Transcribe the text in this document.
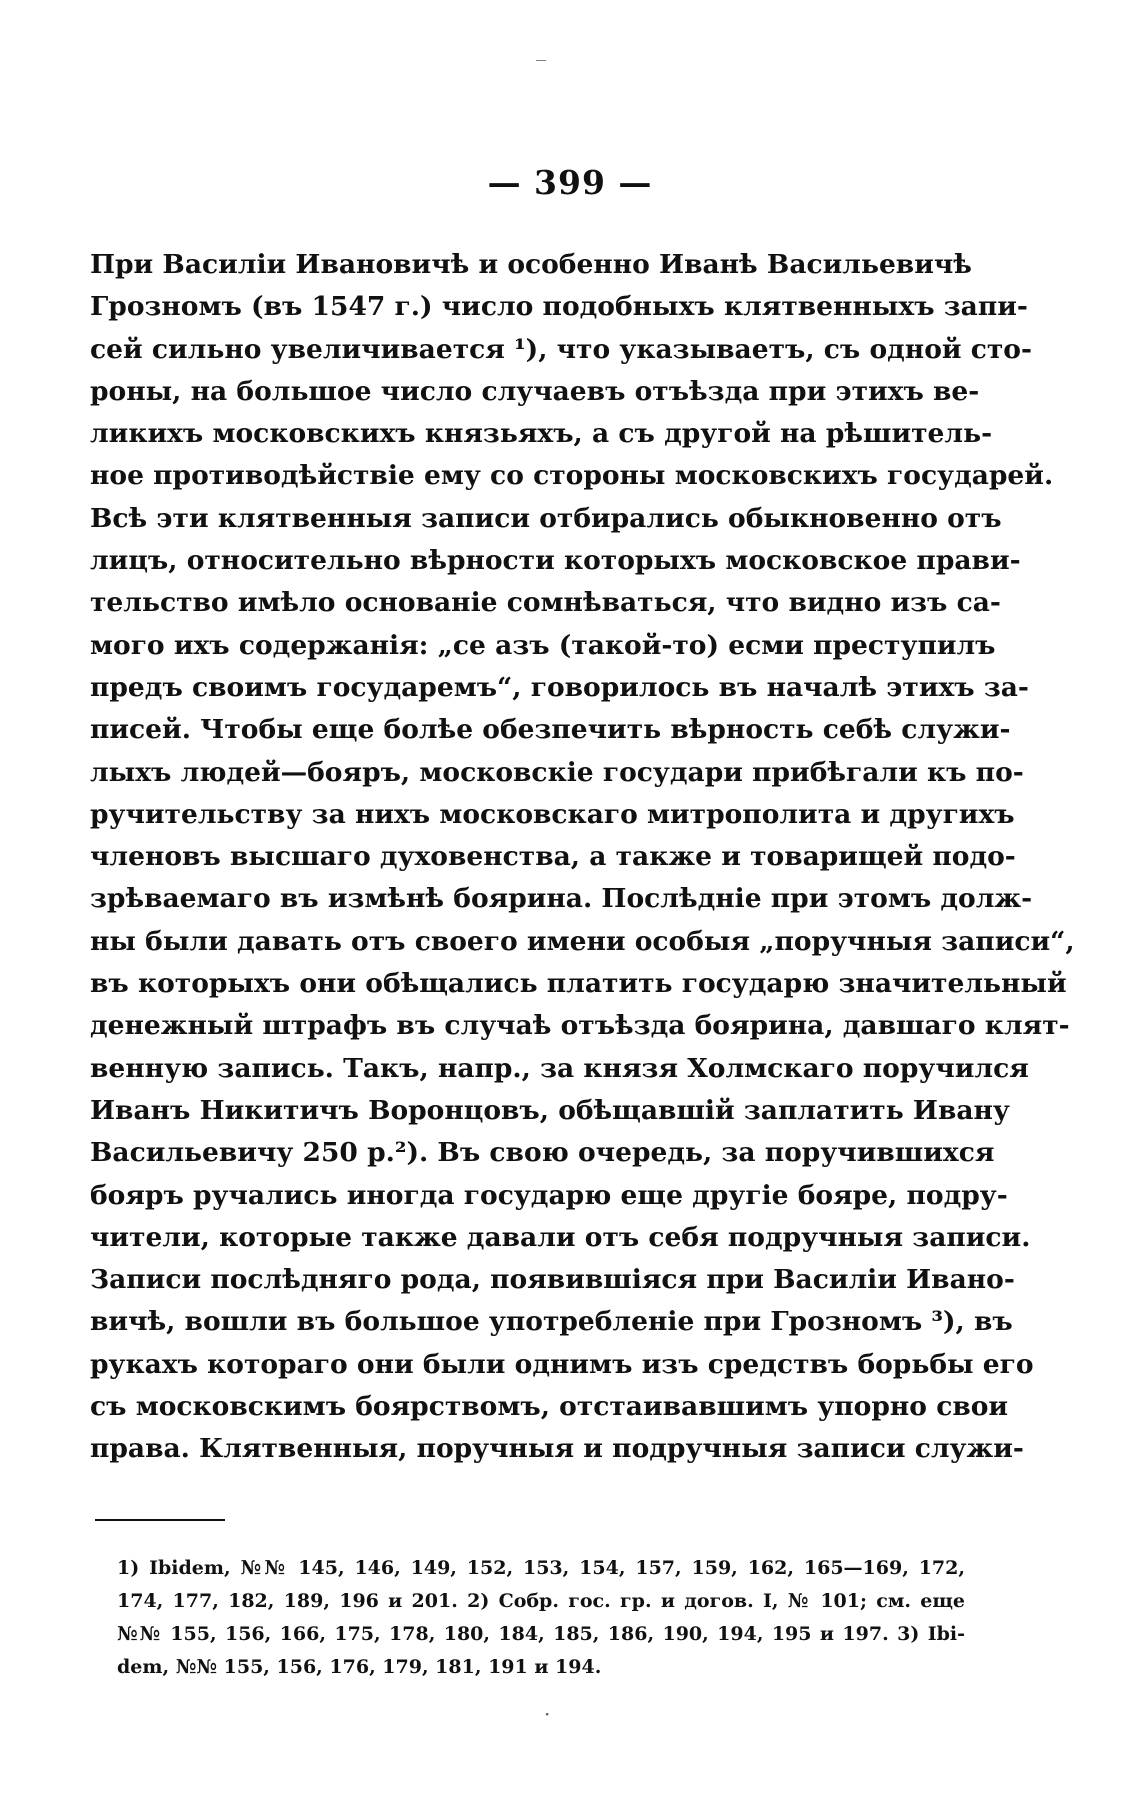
‾
— 399 —
При Василіи Ивановичѣ и особенно Иванѣ Васильевичѣ
Грозномъ (въ 1547 г.) число подобныхъ клятвенныхъ запи-
сей сильно увеличивается ¹), что указываетъ, съ одной сто-
роны, на большое число случаевъ отъѣзда при этихъ ве-
ликихъ московскихъ князьяхъ, а съ другой на рѣшитель-
ное противодѣйствіе ему со стороны московскихъ государей.
Всѣ эти клятвенныя записи отбирались обыкновенно отъ
лицъ, относительно вѣрности которыхъ московское прави-
тельство имѣло основаніе сомнѣваться, что видно изъ са-
мого ихъ содержанія: „се азъ (такой-то) есми преступилъ
предъ своимъ государемъ“, говорилось въ началѣ этихъ за-
писей. Чтобы еще болѣе обезпечить вѣрность себѣ служи-
лыхъ людей—бояръ, московскіе государи прибѣгали къ по-
ручительству за нихъ московскаго митрополита и другихъ
членовъ высшаго духовенства, а также и товарищей подо-
зрѣваемаго въ измѣнѣ боярина. Послѣдніе при этомъ долж-
ны были давать отъ своего имени особыя „поручныя записи“,
въ которыхъ они обѣщались платить государю значительный
денежный штрафъ въ случаѣ отъѣзда боярина, давшаго клят-
венную запись. Такъ, напр., за князя Холмскаго поручился
Иванъ Никитичъ Воронцовъ, обѣщавшій заплатить Ивану
Васильевичу 250 р.²). Въ свою очередь, за поручившихся
бояръ ручались иногда государю еще другіе бояре, подру-
чители, которые также давали отъ себя подручныя записи.
Записи послѣдняго рода, появившіяся при Василіи Ивано-
вичѣ, вошли въ большое употребленіе при Грозномъ ³), въ
рукахъ котораго они были однимъ изъ средствъ борьбы его
съ московскимъ боярствомъ, отстаивавшимъ упорно свои
права. Клятвенныя, поручныя и подручныя записи служи-
1) Ibidem, №№ 145, 146, 149, 152, 153, 154, 157, 159, 162, 165—169, 172,
174, 177, 182, 189, 196 и 201. 2) Собр. гос. гр. и догов. I, № 101; см. еще
№№ 155, 156, 166, 175, 178, 180, 184, 185, 186, 190, 194, 195 и 197. 3) Ibi-
dem, №№ 155, 156, 176, 179, 181, 191 и 194.
·
